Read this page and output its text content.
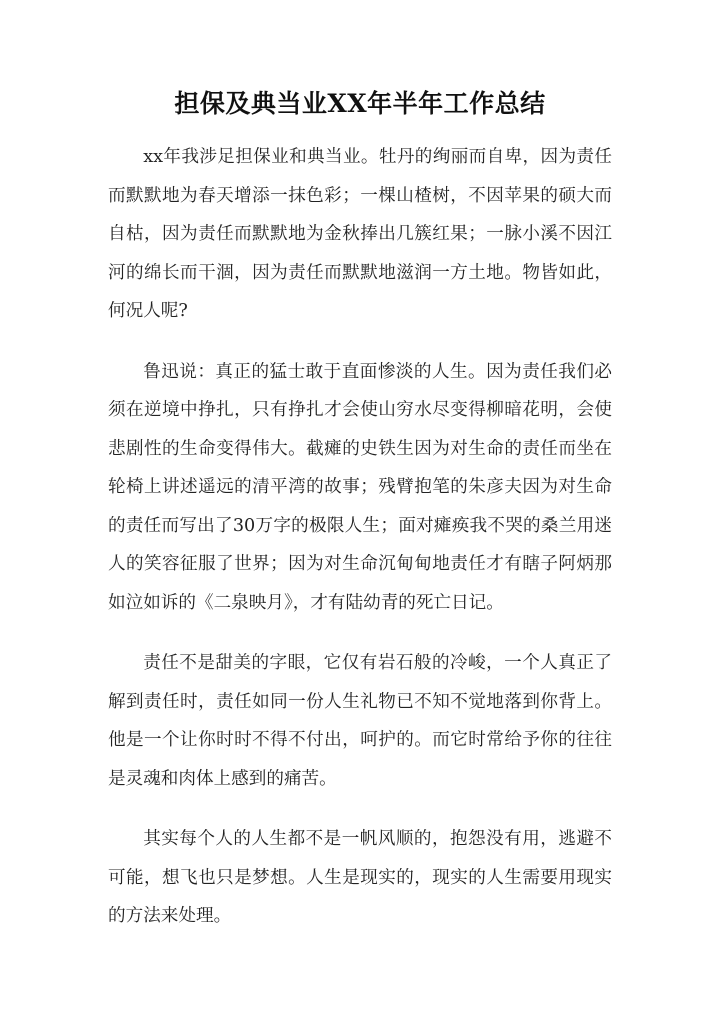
担保及典当业XX年半年工作总结

xx年我涉足担保业和典当业。牡丹的绚丽而自卑，因为责任而默默地为春天增添一抹色彩；一棵山楂树，不因苹果的硕大而自枯，因为责任而默默地为金秋捧出几簇红果；一脉小溪不因江河的绵长而干涸，因为责任而默默地滋润一方土地。物皆如此，何况人呢?

鲁迅说：真正的猛士敢于直面惨淡的人生。因为责任我们必须在逆境中挣扎，只有挣扎才会使山穷水尽变得柳暗花明，会使悲剧性的生命变得伟大。截瘫的史铁生因为对生命的责任而坐在轮椅上讲述遥远的清平湾的故事；残臂抱笔的朱彦夫因为对生命的责任而写出了30万字的极限人生；面对瘫痪我不哭的桑兰用迷人的笑容征服了世界；因为对生命沉甸甸地责任才有瞎子阿炳那如泣如诉的《二泉映月》，才有陆幼青的死亡日记。

责任不是甜美的字眼，它仅有岩石般的冷峻，一个人真正了解到责任时，责任如同一份人生礼物已不知不觉地落到你背上。他是一个让你时时不得不付出，呵护的。而它时常给予你的往往是灵魂和肉体上感到的痛苦。

其实每个人的人生都不是一帆风顺的，抱怨没有用，逃避不可能，想飞也只是梦想。人生是现实的，现实的人生需要用现实的方法来处理。
